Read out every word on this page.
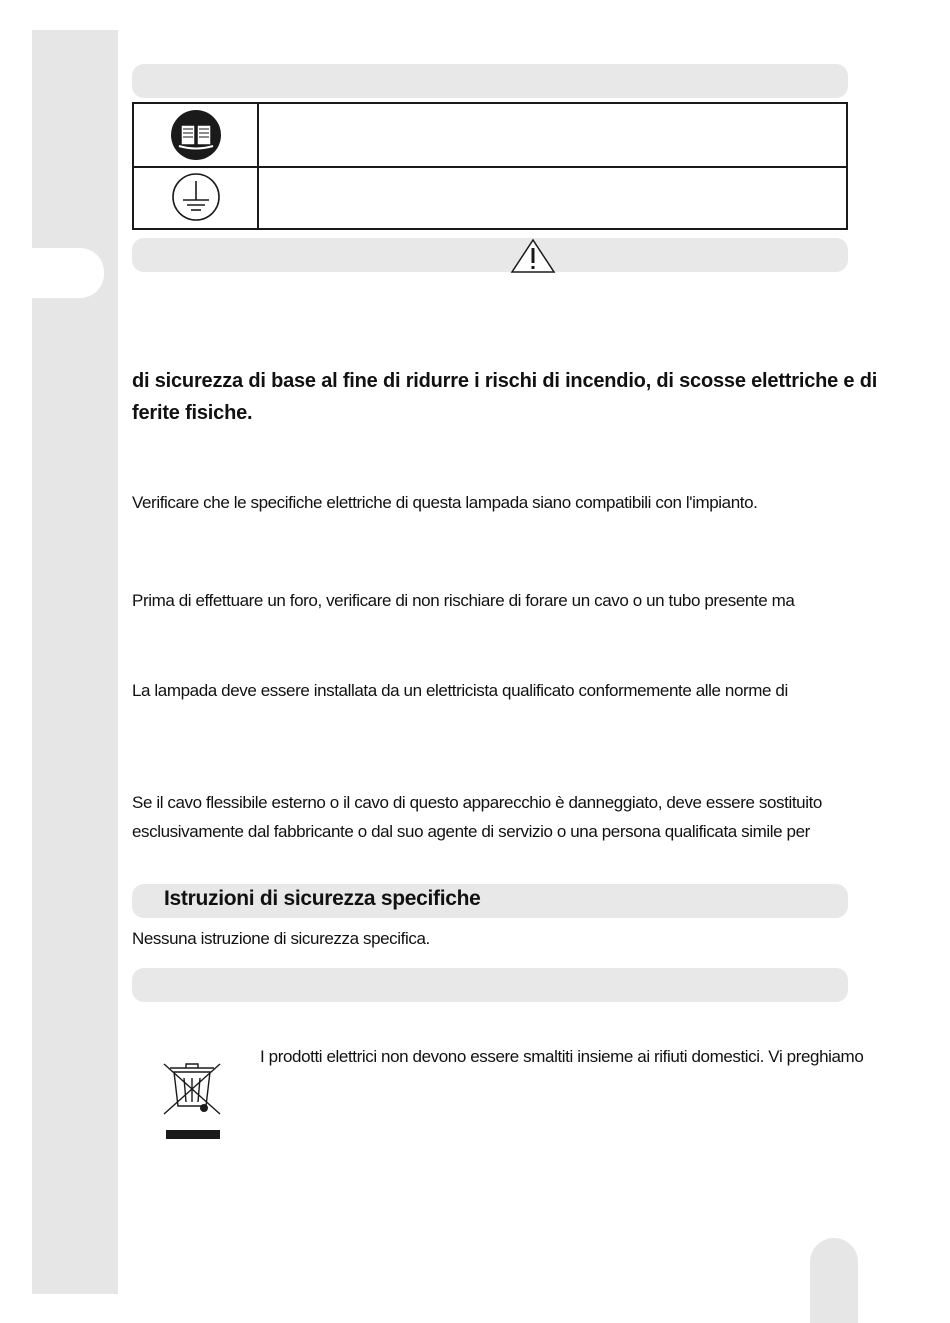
di sicurezza di base al fine di ridurre i rischi di incendio, di scosse elettriche e di
ferite fisiche.
Verificare che le specifiche elettriche di questa lampada siano compatibili con l'impianto.
Prima di effettuare un foro, verificare di non rischiare di forare un cavo o un tubo presente ma
La lampada deve essere installata da un elettricista qualificato conformemente alle norme di
Se il cavo flessibile esterno o il cavo di questo apparecchio è danneggiato, deve essere sostituito
esclusivamente dal fabbricante o dal suo agente di servizio o una persona qualificata simile per
Istruzioni di sicurezza specifiche
Nessuna istruzione di sicurezza specifica.
I prodotti elettrici non devono essere smaltiti insieme ai rifiuti domestici. Vi preghiamo
